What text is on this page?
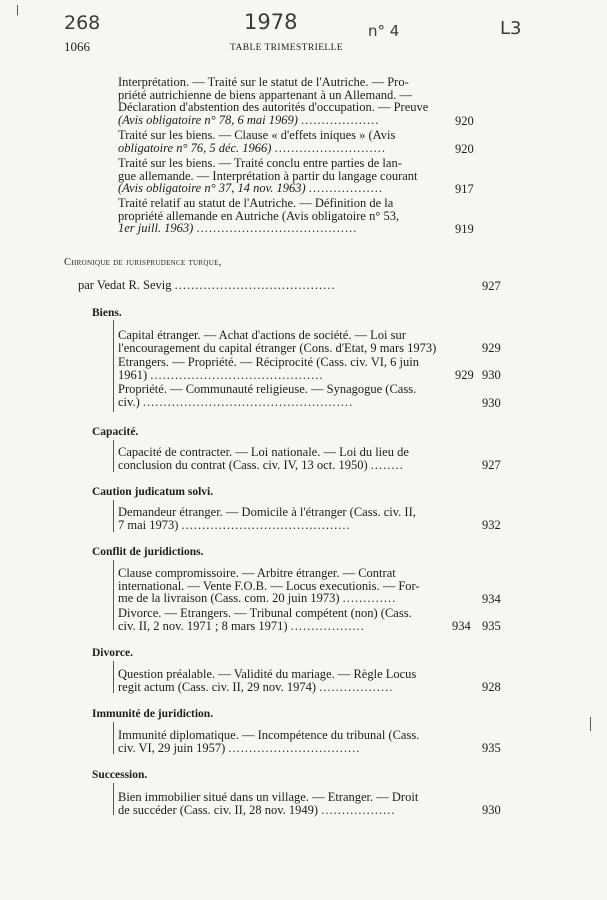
268	1978	n° 4	L3
1066	TABLE TRIMESTRIELLE
Interprétation. — Traité sur le statut de l'Autriche. — Pro-
priété autrichienne de biens appartenant à un Allemand. —
Déclaration d'abstention des autorités d'occupation. — Preuve
(Avis obligatoire n° 78, 6 mai 1969) ...................	920
Traité sur les biens. — Clause « d'effets iniques » (Avis
obligatoire n° 76, 5 déc. 1966) ...........................	920
Traité sur les biens. — Traité conclu entre parties de lan-
gue allemande. — Interprétation à partir du langage courant
(Avis obligatoire n° 37, 14 nov. 1963) ..................	917
Traité relatif au statut de l'Autriche. — Définition de la
propriété allemande en Autriche (Avis obligatoire n° 53,
1er juill. 1963) .......................................	919
Chronique de jurisprudence turque,
par Vedat R. Sevig .......................................	927
Biens.
Capital étranger. — Achat d'actions de société. — Loi sur
l'encouragement du capital étranger (Cons. d'Etat, 9 mars 1973)	929
Etrangers. — Propriété. — Réciprocité (Cass. civ. VI, 6 juin
1961) ..........................................	929 930
Propriété. — Communauté religieuse. — Synagogue (Cass.
civ.) ...................................................	930
Capacité.
Capacité de contracter. — Loi nationale. — Loi du lieu de
conclusion du contrat (Cass. civ. IV, 13 oct. 1950) ........	927
Caution judicatum solvi.
Demandeur étranger. — Domicile à l'étranger (Cass. civ. II,
7 mai 1973) .........................................	932
Conflit de juridictions.
Clause compromissoire. — Arbitre étranger. — Contrat
international. — Vente F.O.B. — Locus executionis. — For-
me de la livraison (Cass. com. 20 juin 1973) .............	934
Divorce. — Etrangers. — Tribunal compétent (non) (Cass.
civ. II, 2 nov. 1971 ; 8 mars 1971) ..................	934 935
Divorce.
Question préalable. — Validité du mariage. — Règle Locus
regit actum (Cass. civ. II, 29 nov. 1974) ..................	928
Immunité de juridiction.
Immunité diplomatique. — Incompétence du tribunal (Cass.
civ. VI, 29 juin 1957) ................................	935
Succession.
Bien immobilier situé dans un village. — Etranger. — Droit
de succéder (Cass. civ. II, 28 nov. 1949) ..................	930
